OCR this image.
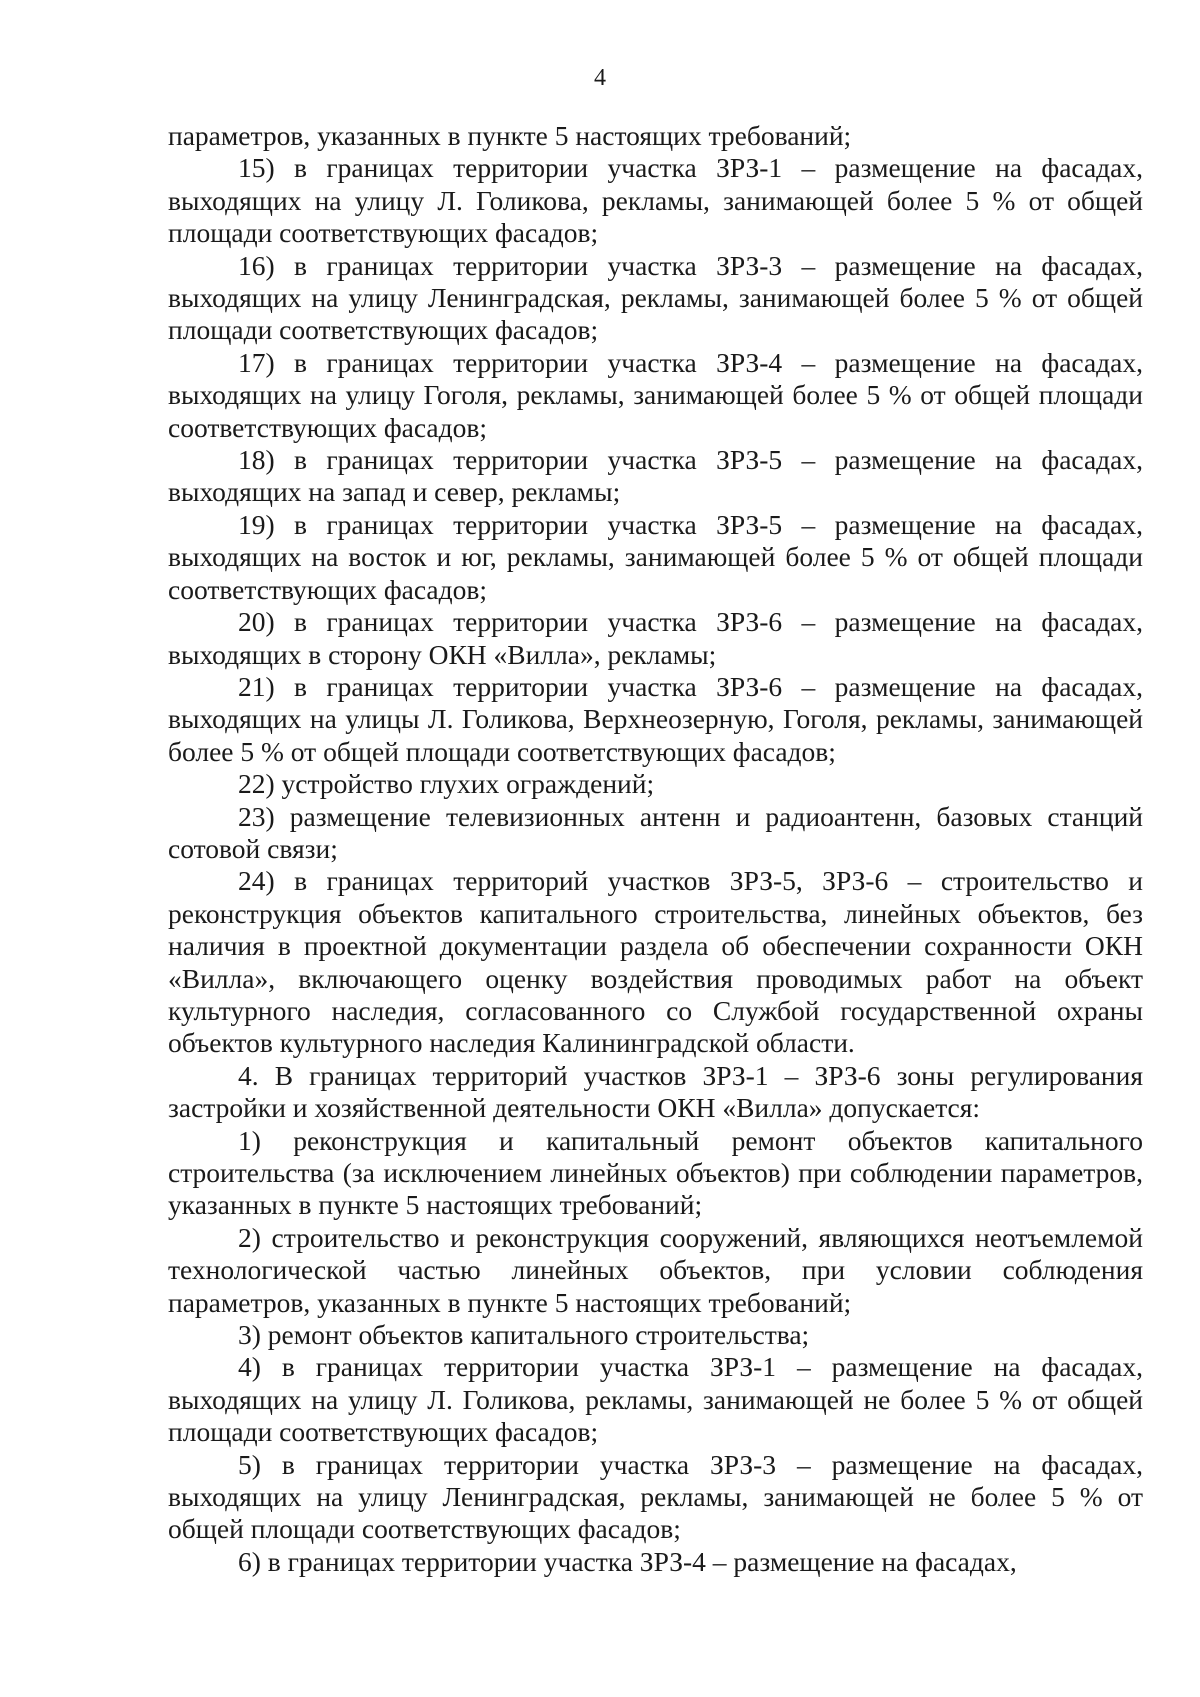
4

параметров, указанных в пункте 5 настоящих требований;

15) в границах территории участка ЗРЗ-1 – размещение на фасадах, выходящих на улицу Л. Голикова, рекламы, занимающей более 5 % от общей площади соответствующих фасадов;

16) в границах территории участка ЗРЗ-3 – размещение на фасадах, выходящих на улицу Ленинградская, рекламы, занимающей более 5 % от общей площади соответствующих фасадов;

17) в границах территории участка ЗРЗ-4 – размещение на фасадах, выходящих на улицу Гоголя, рекламы, занимающей более 5 % от общей площади соответствующих фасадов;

18) в границах территории участка ЗРЗ-5 – размещение на фасадах, выходящих на запад и север, рекламы;

19) в границах территории участка ЗРЗ-5 – размещение на фасадах, выходящих на восток и юг, рекламы, занимающей более 5 % от общей площади соответствующих фасадов;

20) в границах территории участка ЗРЗ-6 – размещение на фасадах, выходящих в сторону ОКН «Вилла», рекламы;

21) в границах территории участка ЗРЗ-6 – размещение на фасадах, выходящих на улицы Л. Голикова, Верхнеозерную, Гоголя, рекламы, занимающей более 5 % от общей площади соответствующих фасадов;

22) устройство глухих ограждений;

23) размещение телевизионных антенн и радиоантенн, базовых станций сотовой связи;

24) в границах территорий участков ЗРЗ-5, ЗРЗ-6 – строительство и реконструкция объектов капитального строительства, линейных объектов, без наличия в проектной документации раздела об обеспечении сохранности ОКН «Вилла», включающего оценку воздействия проводимых работ на объект культурного наследия, согласованного со Службой государственной охраны объектов культурного наследия Калининградской области.

4. В границах территорий участков ЗРЗ-1 – ЗРЗ-6 зоны регулирования застройки и хозяйственной деятельности ОКН «Вилла» допускается:

1) реконструкция и капитальный ремонт объектов капитального строительства (за исключением линейных объектов) при соблюдении параметров, указанных в пункте 5 настоящих требований;

2) строительство и реконструкция сооружений, являющихся неотъемлемой технологической частью линейных объектов, при условии соблюдения параметров, указанных в пункте 5 настоящих требований;

3) ремонт объектов капитального строительства;

4) в границах территории участка ЗРЗ-1 – размещение на фасадах, выходящих на улицу Л. Голикова, рекламы, занимающей не более 5 % от общей площади соответствующих фасадов;

5) в границах территории участка ЗРЗ-3 – размещение на фасадах, выходящих на улицу Ленинградская, рекламы, занимающей не более 5 % от общей площади соответствующих фасадов;

6) в границах территории участка ЗРЗ-4 – размещение на фасадах,
